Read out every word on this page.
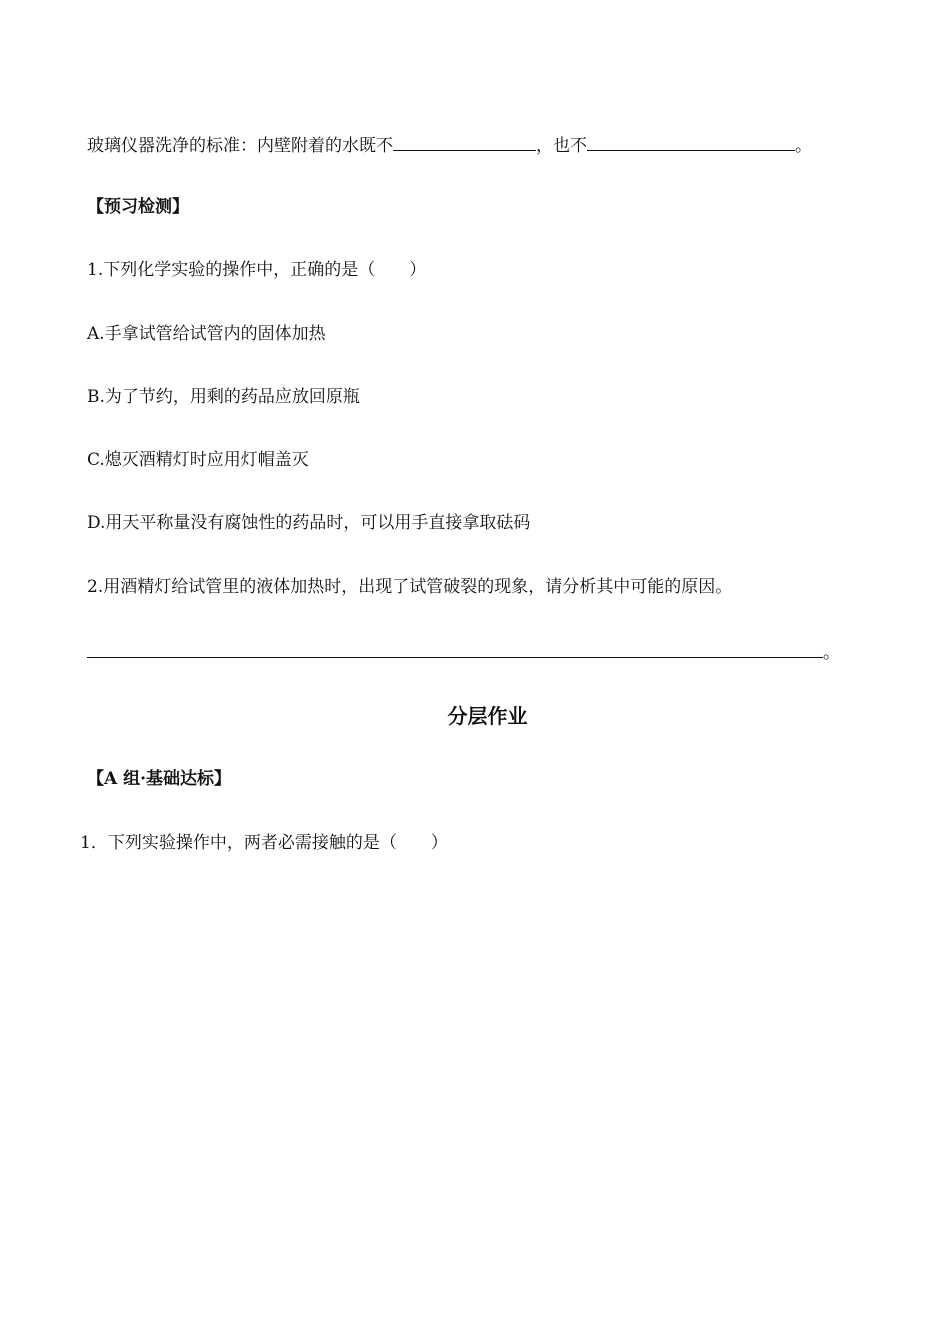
玻璃仪器洗净的标准：内壁附着的水既不	，也不	。
【预习检测】
1.下列化学实验的操作中，正确的是（　　）
A.手拿试管给试管内的固体加热
B.为了节约，用剩的药品应放回原瓶
C.熄灭酒精灯时应用灯帽盖灭
D.用天平称量没有腐蚀性的药品时，可以用手直接拿取砝码
2.用酒精灯给试管里的液体加热时，出现了试管破裂的现象，请分析其中可能的原因。
。
分层作业
【A 组·基础达标】
1．下列实验操作中，两者必需接触的是（　　）
